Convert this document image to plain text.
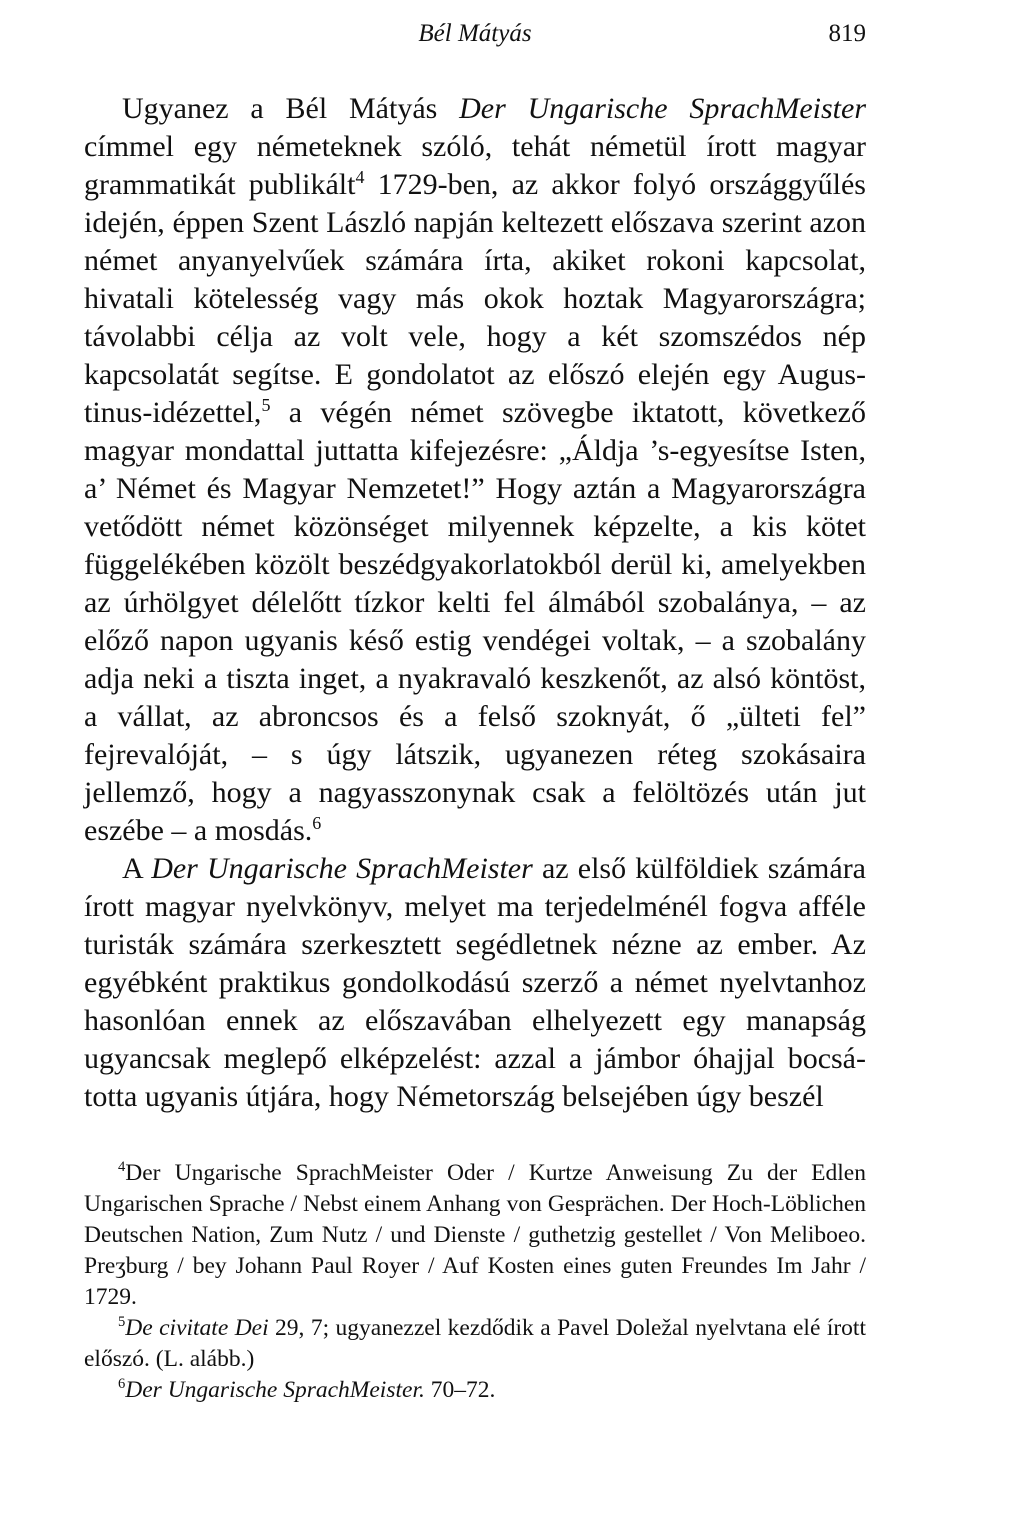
Bél Mátyás	819

Ugyanez a Bél Mátyás Der Ungarische SprachMeister címmel egy németeknek szóló, tehát németül írott magyar grammatikát publikált$^4$ 1729-ben, az akkor folyó országgyűlés idején, éppen Szent László napján keltezett előszava szerint azon német anyanyelvűek számára írta, akiket rokoni kapcsolat, hivatali kötelesség vagy más okok hoztak Magyarországra; távolabbi célja az volt vele, hogy a két szomszédos nép kapcsolatát segítse. E gondolatot az előszó elején egy Augustinus-idézettel,$^5$ a végén német szövegbe iktatott, következő magyar mondattal juttatta kifejezésre: „Áldja ’s-egyesítse Isten, a’ Német és Magyar Nemzetet!” Hogy aztán a Magyarországra vetődött német közönséget milyennek képzelte, a kis kötet függelékében közölt beszédgyakorlatokból derül ki, amelyekben az úrhölgyet délelőtt tízkor kelti fel álmából szobalánya, – az előző napon ugyanis késő estig vendégei voltak, – a szobalány adja neki a tiszta inget, a nyakravaló keszkenőt, az alsó köntöst, a vállat, az abroncsos és a felső szoknyát, ő „ülteti fel” fejrevalóját, – s úgy látszik, ugyanezen réteg szokásaira jellemző, hogy a nagyasszonynak csak a felöltözés után jut eszébe – a mosdás.$^6$

A Der Ungarische SprachMeister az első külföldiek számára írott magyar nyelvkönyv, melyet ma terjedelménél fogva afféle turisták számára szerkesztett segédletnek nézne az ember. Az egyébként praktikus gondolkodású szerző a német nyelvtanhoz hasonlóan ennek az előszavában elhelyezett egy manapság ugyancsak meglepő elképzelést: azzal a jámbor óhajjal bocsátotta ugyanis útjára, hogy Németország belsejében úgy beszél

$^4$Der Ungarische SprachMeister Oder / Kurtze Anweisung Zu der Edlen Ungarischen Sprache / Nebst einem Anhang von Gesprächen. Der Hoch-Löblichen Deutschen Nation, Zum Nutz / und Dienste / guthetzig gestellet / Von Meliboeo. Preʒburg / bey Johann Paul Royer / Auf Kosten eines guten Freundes Im Jahr / 1729.

$^5$De civitate Dei 29, 7; ugyanezzel kezdődik a Pavel Doležal nyelvtana elé írott előszó. (L. alább.)

$^6$Der Ungarische SprachMeister. 70–72.
